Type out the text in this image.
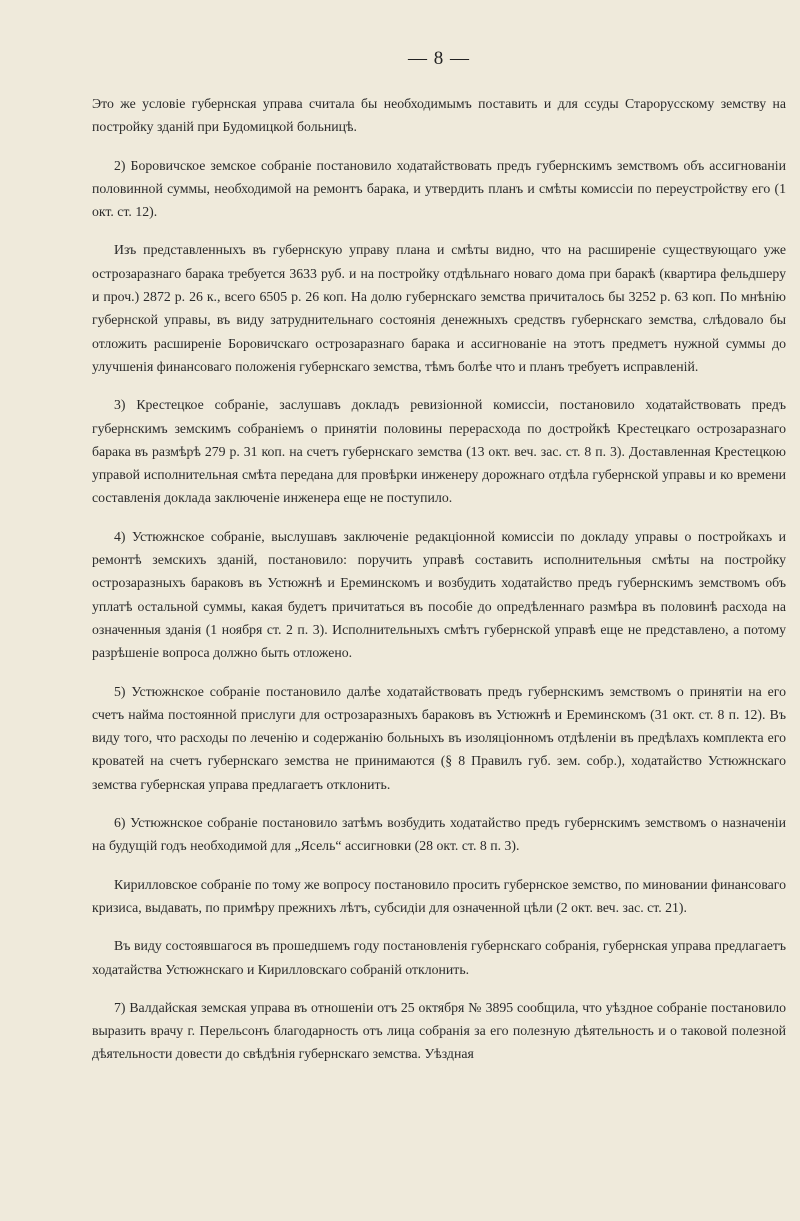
— 8 —

Это же условіе губернская управа считала бы необходимымъ поставить и для ссуды Старорусскому земству на постройку зданій при Будомицкой больницѣ.

2) Боровичское земское собраніе постановило ходатайствовать предъ губернскимъ земствомъ объ ассигнованіи половинной суммы, необходимой на ремонтъ барака, и утвердить планъ и смѣты комиссіи по переустройству его (1 окт. ст. 12).

Изъ представленныхъ въ губернскую управу плана и смѣты видно, что на расширеніе существующаго уже острозаразнаго барака требуется 3633 руб. и на постройку отдѣльнаго новаго дома при баракѣ (квартира фельдшеру и проч.) 2872 р. 26 к., всего 6505 р. 26 коп. На долю губернскаго земства причиталось бы 3252 р. 63 коп. По мнѣнію губернской управы, въ виду затруднительнаго состоянія денежныхъ средствъ губернскаго земства, слѣдовало бы отложить расширеніе Боровичскаго острозаразнаго барака и ассигнованіе на этотъ предметъ нужной суммы до улучшенія финансоваго положенія губернскаго земства, тѣмъ болѣе что и планъ требуетъ исправленій.

3) Крестецкое собраніе, заслушавъ докладъ ревизіонной комиссіи, постановило ходатайствовать предъ губернскимъ земскимъ собраніемъ о принятіи половины перерасхода по достройкѣ Крестецкаго острозаразнаго барака въ размѣрѣ 279 р. 31 коп. на счетъ губернскаго земства (13 окт. веч. зас. ст. 8 п. 3). Доставленная Крестецкою управой исполнительная смѣта передана для провѣрки инженеру дорожнаго отдѣла губернской управы и ко времени составленія доклада заключеніе инженера еще не поступило.

4) Устюжнское собраніе, выслушавъ заключеніе редакціонной комиссіи по докладу управы о постройкахъ и ремонтѣ земскихъ зданій, постановило: поручить управѣ составить исполнительныя смѣты на постройку острозаразныхъ бараковъ въ Устюжнѣ и Ереминскомъ и возбудить ходатайство предъ губернскимъ земствомъ объ уплатѣ остальной суммы, какая будетъ причитаться въ пособіе до опредѣленнаго размѣра въ половинѣ расхода на означенныя зданія (1 ноября ст. 2 п. 3). Исполнительныхъ смѣтъ губернской управѣ еще не представлено, а потому разрѣшеніе вопроса должно быть отложено.

5) Устюжнское собраніе постановило далѣе ходатайствовать предъ губернскимъ земствомъ о принятіи на его счетъ найма постоянной прислуги для острозаразныхъ бараковъ въ Устюжнѣ и Ереминскомъ (31 окт. ст. 8 п. 12). Въ виду того, что расходы по леченію и содержанію больныхъ въ изоляціонномъ отдѣленіи въ предѣлахъ комплекта его кроватей на счетъ губернскаго земства не принимаются (§ 8 Правилъ губ. зем. собр.), ходатайство Устюжнскаго земства губернская управа предлагаетъ отклонить.

6) Устюжнское собраніе постановило затѣмъ возбудить ходатайство предъ губернскимъ земствомъ о назначеніи на будущій годъ необходимой для „Ясель“ ассигновки (28 окт. ст. 8 п. 3).

Кирилловское собраніе по тому же вопросу постановило просить губернское земство, по миновании финансоваго кризиса, выдавать, по примѣру прежнихъ лѣтъ, субсидіи для означенной цѣли (2 окт. веч. зас. ст. 21).

Въ виду состоявшагося въ прошедшемъ году постановленія губернскаго собранія, губернская управа предлагаетъ ходатайства Устюжнскаго и Кирилловскаго собраній отклонить.

7) Валдайская земская управа въ отношеніи отъ 25 октября № 3895 сообщила, что уѣздное собраніе постановило выразить врачу г. Перельсонъ благодарность отъ лица собранія за его полезную дѣятельность и о таковой полезной дѣятельности довести до свѣдѣнія губернскаго земства. Уѣздная
